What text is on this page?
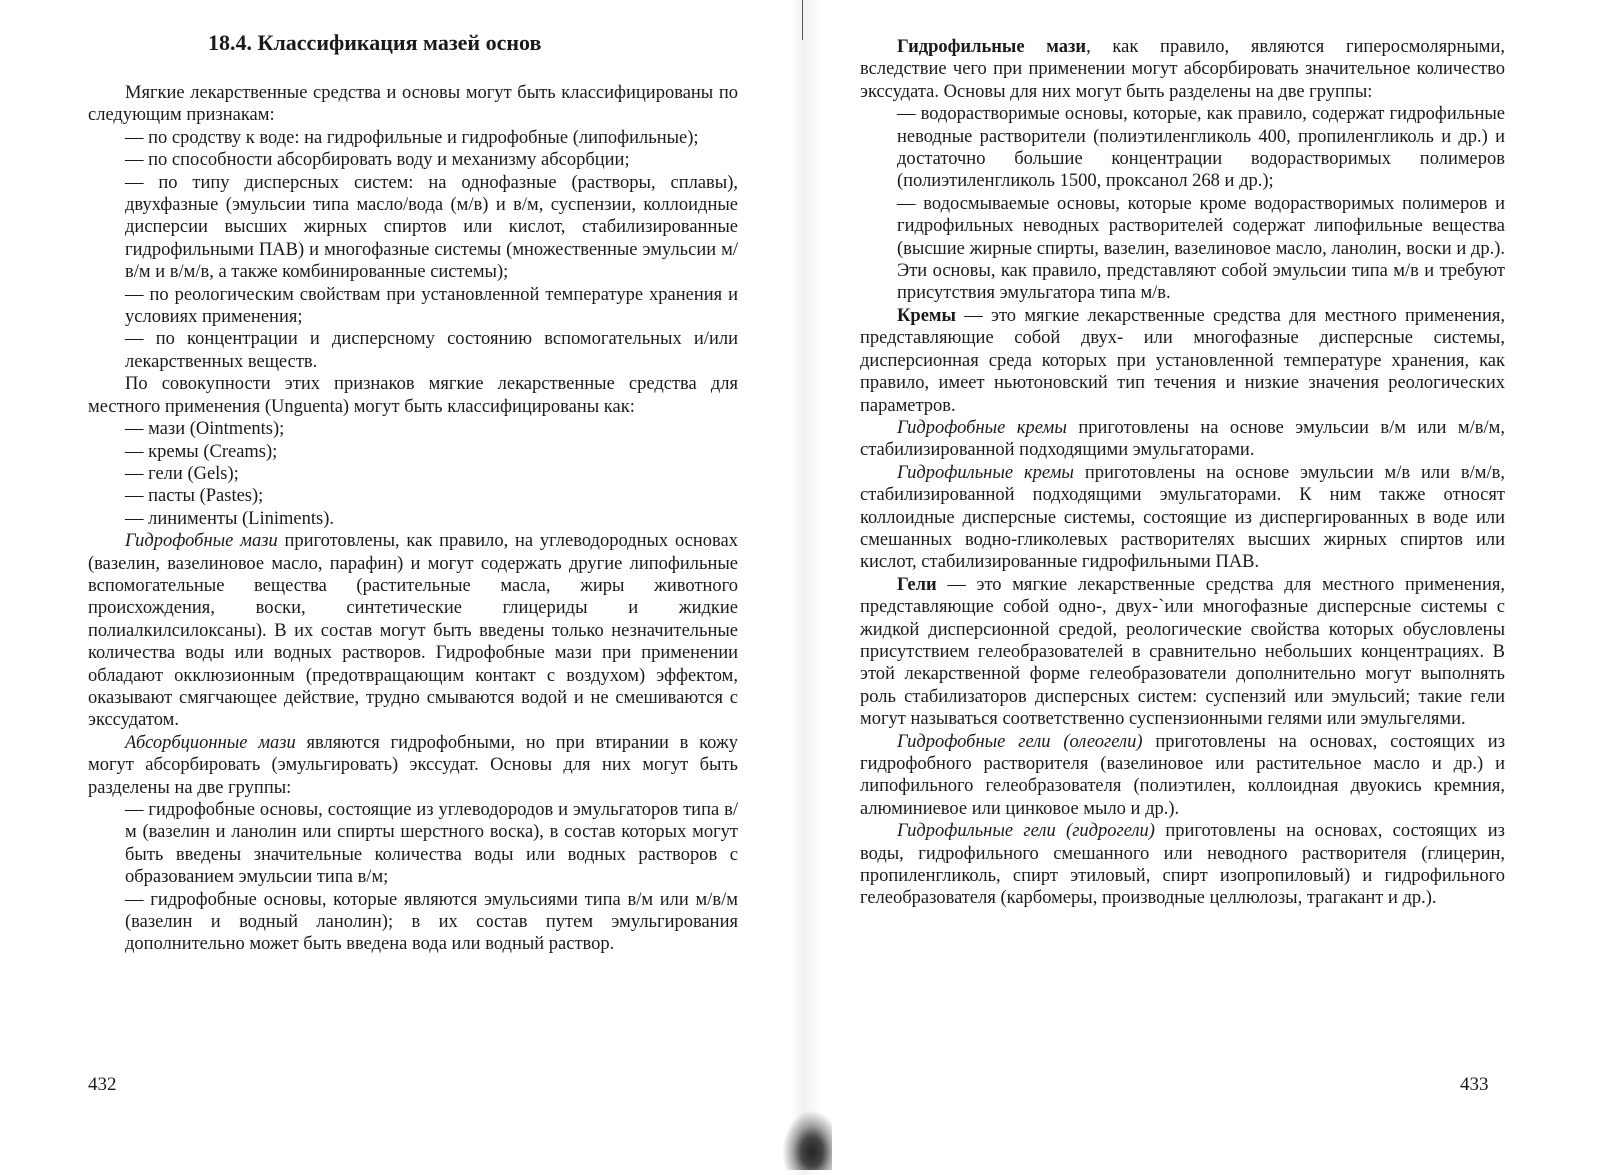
18.4. Классификация мазей основ

Мягкие лекарственные средства и основы могут быть классифицированы по следующим признакам:

— по сродству к воде: на гидрофильные и гидрофобные (липофильные);
— по способности абсорбировать воду и механизму абсорбции;
— по типу дисперсных систем: на однофазные (растворы, сплавы), двухфазные (эмульсии типа масло/вода (м/в) и в/м, суспензии, коллоидные дисперсии высших жирных спиртов или кислот, стабилизированные гидрофильными ПАВ) и многофазные системы (множественные эмульсии м/в/м и в/м/в, а также комбинированные системы);
— по реологическим свойствам при установленной температуре хранения и условиях применения;
— по концентрации и дисперсному состоянию вспомогательных и/или лекарственных веществ.

По совокупности этих признаков мягкие лекарственные средства для местного применения (Unguenta) могут быть классифицированы как:

— мази (Ointments);
— кремы (Creams);
— гели (Gels);
— пасты (Pastes);
— линименты (Liniments).

Гидрофобные мази приготовлены, как правило, на углеводородных основах (вазелин, вазелиновое масло, парафин) и могут содержать другие липофильные вспомогательные вещества (растительные масла, жиры животного происхождения, воски, синтетические глицериды и жидкие полиалкилсилоксаны). В их состав могут быть введены только незначительные количества воды или водных растворов. Гидрофобные мази при применении обладают окклюзионным (предотвращающим контакт с воздухом) эффектом, оказывают смягчающее действие, трудно смываются водой и не смешиваются с экссудатом.

Абсорбционные мази являются гидрофобными, но при втирании в кожу могут абсорбировать (эмульгировать) экссудат. Основы для них могут быть разделены на две группы:

— гидрофобные основы, состоящие из углеводородов и эмульгаторов типа в/м (вазелин и ланолин или спирты шерстного воска), в состав которых могут быть введены значительные количества воды или водных растворов с образованием эмульсии типа в/м;
— гидрофобные основы, которые являются эмульсиями типа в/м или м/в/м (вазелин и водный ланолин); в их состав путем эмульгирования дополнительно может быть введена вода или водный раствор.
432

Гидрофильные мази, как правило, являются гиперосмолярными, вследствие чего при применении могут абсорбировать значительное количество экссудата. Основы для них могут быть разделены на две группы:

— водорастворимые основы, которые, как правило, содержат гидрофильные неводные растворители (полиэтиленгликоль 400, пропиленгликоль и др.) и достаточно большие концентрации водорастворимых полимеров (полиэтиленгликоль 1500, проксанол 268 и др.);
— водосмываемые основы, которые кроме водорастворимых полимеров и гидрофильных неводных растворителей содержат липофильные вещества (высшие жирные спирты, вазелин, вазелиновое масло, ланолин, воски и др.). Эти основы, как правило, представляют собой эмульсии типа м/в и требуют присутствия эмульгатора типа м/в.

Кремы — это мягкие лекарственные средства для местного применения, представляющие собой двух- или многофазные дисперсные системы, дисперсионная среда которых при установленной температуре хранения, как правило, имеет ньютоновский тип течения и низкие значения реологических параметров.

Гидрофобные кремы приготовлены на основе эмульсии в/м или м/в/м, стабилизированной подходящими эмульгаторами.

Гидрофильные кремы приготовлены на основе эмульсии м/в или в/м/в, стабилизированной подходящими эмульгаторами. К ним также относят коллоидные дисперсные системы, состоящие из диспергированных в воде или смешанных водно-гликолевых растворителях высших жирных спиртов или кислот, стабилизированные гидрофильными ПАВ.

Гели — это мягкие лекарственные средства для местного применения, представляющие собой одно-, двух-`или многофазные дисперсные системы с жидкой дисперсионной средой, реологические свойства которых обусловлены присутствием гелеобразователей в сравнительно небольших концентрациях. В этой лекарственной форме гелеобразователи дополнительно могут выполнять роль стабилизаторов дисперсных систем: суспензий или эмульсий; такие гели могут называться соответственно суспензионными гелями или эмульгелями.

Гидрофобные гели (олеогели) приготовлены на основах, состоящих из гидрофобного растворителя (вазелиновое или растительное масло и др.) и липофильного гелеобразователя (полиэтилен, коллоидная двуокись кремния, алюминиевое или цинковое мыло и др.).

Гидрофильные гели (гидрогели) приготовлены на основах, состоящих из воды, гидрофильного смешанного или неводного растворителя (глицерин, пропиленгликоль, спирт этиловый, спирт изопропиловый) и гидрофильного гелеобразователя (карбомеры, производные целлюлозы, трагакант и др.).

433
